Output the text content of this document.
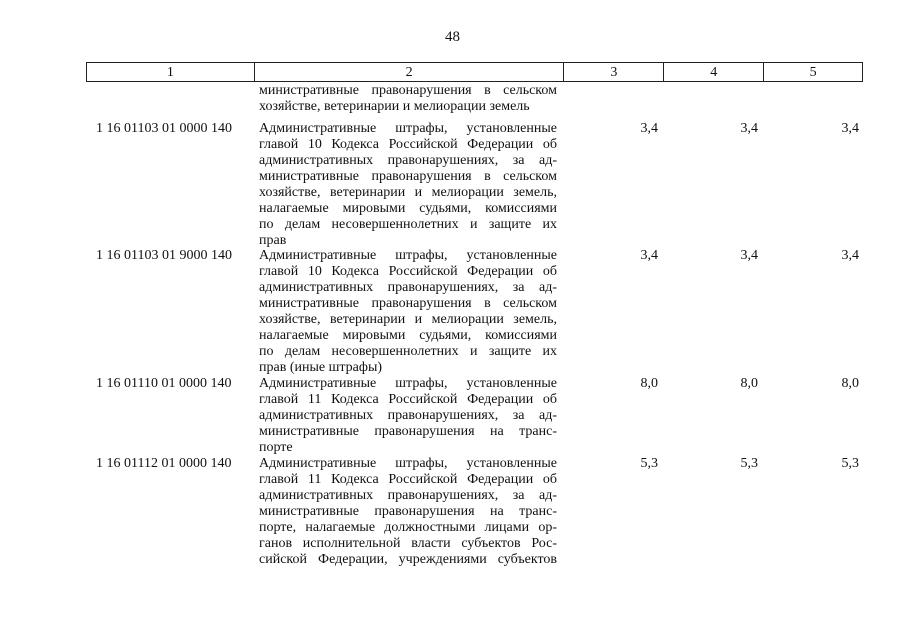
48
1	2	3	4	5
министративные правонарушения в сельском
хозяйстве, ветеринарии и мелиорации земель
1 16 01103 01 0000 140	Административные штрафы, установленные
главой 10 Кодекса Российской Федерации об
административных правонарушениях, за ад-
министративные правонарушения в сельском
хозяйстве, ветеринарии и мелиорации земель,
налагаемые мировыми судьями, комиссиями
по делам несовершеннолетних и защите их
прав
3,4	3,4	3,4
1 16 01103 01 9000 140	Административные штрафы, установленные
главой 10 Кодекса Российской Федерации об
административных правонарушениях, за ад-
министративные правонарушения в сельском
хозяйстве, ветеринарии и мелиорации земель,
налагаемые мировыми судьями, комиссиями
по делам несовершеннолетних и защите их
прав (иные штрафы)
3,4	3,4	3,4
1 16 01110 01 0000 140	Административные штрафы, установленные
главой 11 Кодекса Российской Федерации об
административных правонарушениях, за ад-
министративные правонарушения на транс-
порте
8,0	8,0	8,0
1 16 01112 01 0000 140	Административные штрафы, установленные
главой 11 Кодекса Российской Федерации об
административных правонарушениях, за ад-
министративные правонарушения на транс-
порте, налагаемые должностными лицами ор-
ганов исполнительной власти субъектов Рос-
сийской Федерации, учреждениями субъектов
5,3	5,3	5,3
